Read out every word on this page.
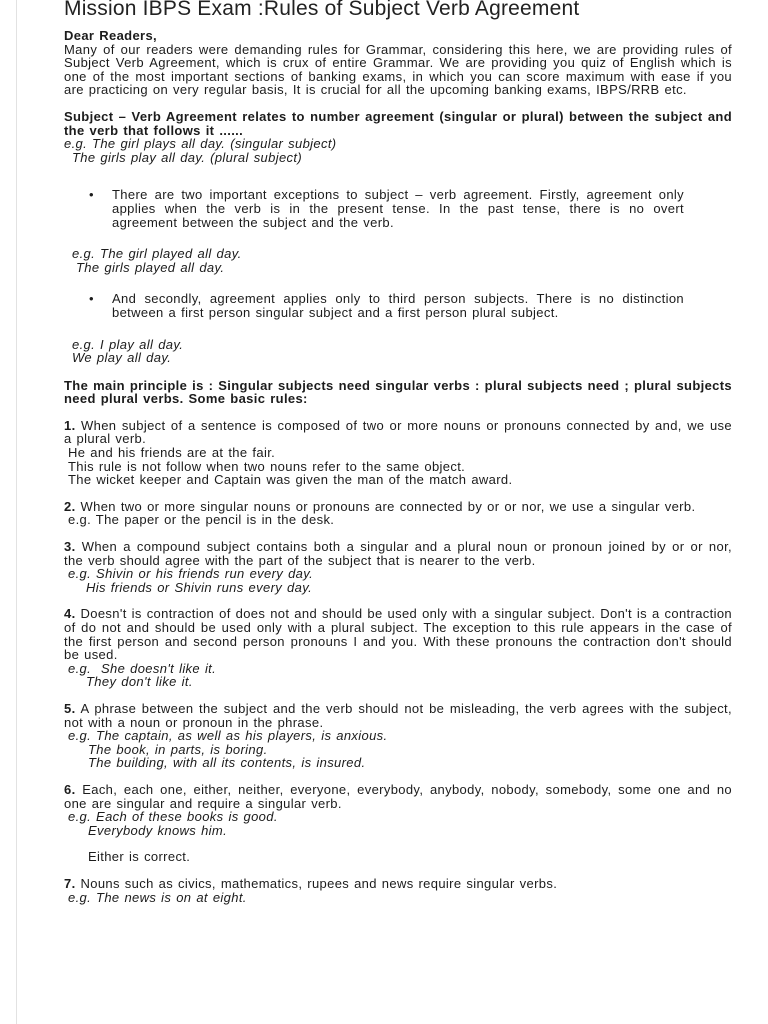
Mission IBPS Exam :Rules of Subject Verb Agreement

Dear Readers,

Many of our readers were demanding rules for Grammar, considering this here, we are providing rules of Subject Verb Agreement, which is crux of entire Grammar. We are providing you quiz of English which is one of the most important sections of banking exams, in which you can score maximum with ease if you are practicing on very regular basis, It is crucial for all the upcoming banking exams, IBPS/RRB etc.

Subject – Verb Agreement relates to number agreement (singular or plural) between the subject and the verb that follows it ......

e.g. The girl plays all day. (singular subject)

The girls play all day. (plural subject)

• There are two important exceptions to subject – verb agreement. Firstly, agreement only applies when the verb is in the present tense. In the past tense, there is no overt agreement between the subject and the verb.

e.g. The girl played all day.

The girls played all day.

• And secondly, agreement applies only to third person subjects. There is no distinction between a first person singular subject and a first person plural subject.

e.g. I play all day.

We play all day.

The main principle is : Singular subjects need singular verbs : plural subjects need ; plural subjects need plural verbs. Some basic rules:

1. When subject of a sentence is composed of two or more nouns or pronouns connected by and, we use a plural verb.

He and his friends are at the fair.

This rule is not follow when two nouns refer to the same object.

The wicket keeper and Captain was given the man of the match award.

2. When two or more singular nouns or pronouns are connected by or or nor, we use a singular verb.

e.g. The paper or the pencil is in the desk.

3. When a compound subject contains both a singular and a plural noun or pronoun joined by or or nor, the verb should agree with the part of the subject that is nearer to the verb.

e.g. Shivin or his friends run every day.

His friends or Shivin runs every day.

4. Doesn't is contraction of does not and should be used only with a singular subject. Don't is a contraction of do not and should be used only with a plural subject. The exception to this rule appears in the case of the first person and second person pronouns I and you. With these pronouns the contraction don't should be used.

e.g.  She doesn't like it.

They don't like it.

5. A phrase between the subject and the verb should not be misleading, the verb agrees with the subject, not with a noun or pronoun in the phrase.

e.g. The captain, as well as his players, is anxious.

The book, in parts, is boring.

The building, with all its contents, is insured.

6. Each, each one, either, neither, everyone, everybody, anybody, nobody, somebody, some one and no one are singular and require a singular verb.

e.g. Each of these books is good.

Everybody knows him.

Either is correct.

7. Nouns such as civics, mathematics, rupees and news require singular verbs.

e.g. The news is on at eight.
